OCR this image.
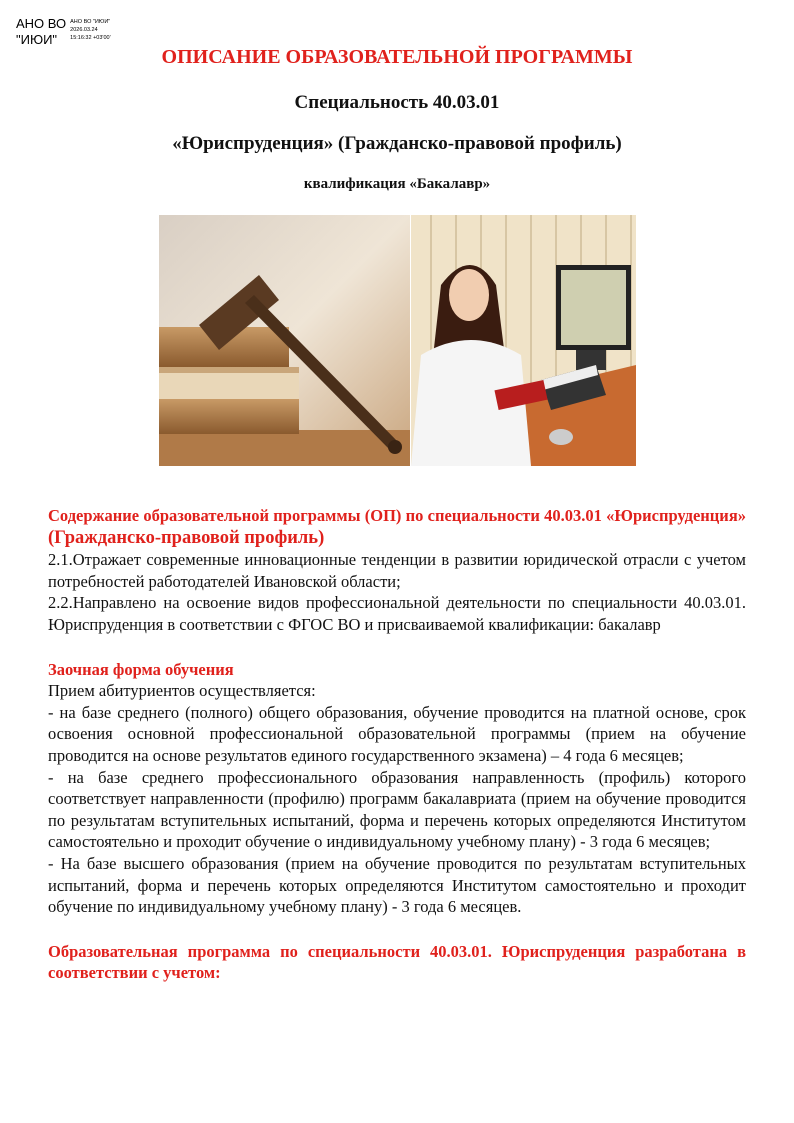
АНО ВО
"ИЮИ"
АНО ВО "ИЮИ"
2026.03.24
15:16:32 +03'00'
ОПИСАНИЕ ОБРАЗОВАТЕЛЬНОЙ ПРОГРАММЫ
Специальность 40.03.01
«Юриспруденция» (Гражданско-правовой профиль)
квалификация «Бакалавр»

Содержание образовательной программы (ОП) по специальности 40.03.01 «Юриспруденция» (Гражданско-правовой профиль)

2.1.Отражает современные инновационные тенденции в развитии юридической отрасли с учетом потребностей работодателей Ивановской области;

2.2.Направлено на освоение видов профессиональной деятельности по специальности 40.03.01. Юриспруденция в соответствии с ФГОС ВО и присваиваемой квалификации: бакалавр

Заочная форма обучения

Прием абитуриентов осуществляется:

- на базе среднего (полного) общего образования, обучение проводится на платной основе, срок освоения основной профессиональной образовательной программы (прием на обучение проводится на основе результатов единого государственного экзамена) – 4 года 6 месяцев;

- на базе среднего профессионального образования направленность (профиль) которого соответствует направленности (профилю) программ бакалавриата (прием на обучение проводится по результатам вступительных испытаний, форма и перечень которых определяются Институтом самостоятельно и проходит обучение о индивидуальному учебному плану) - 3 года 6 месяцев;

- На базе высшего образования (прием на обучение проводится по результатам вступительных испытаний, форма и перечень которых определяются Институтом самостоятельно и проходит обучение по индивидуальному учебному плану) - 3 года 6 месяцев.

Образовательная программа по специальности 40.03.01. Юриспруденция разработана в соответствии с учетом:
